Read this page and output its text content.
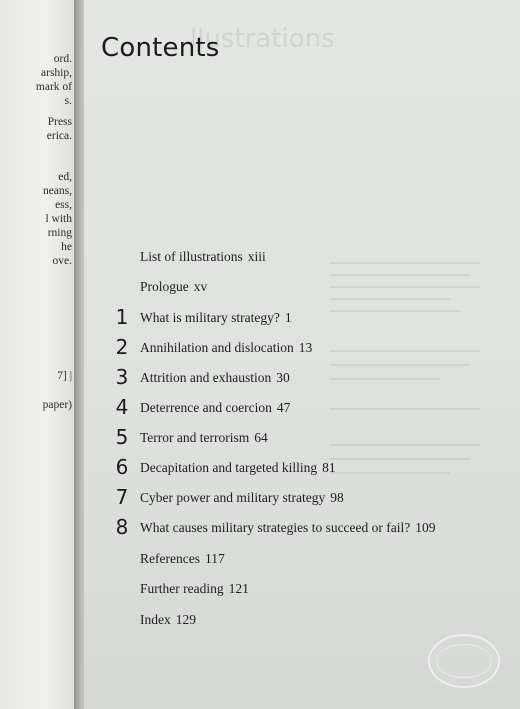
ord.
arship,
mark of
s.
Press
erica.
ed,
neans,
ess,
l with
rning
he
ove.
7] |
paper)
llustrations
Contents
List of illustrations xiii
Prologue xv
1 What is military strategy? 1
2 Annihilation and dislocation 13
3 Attrition and exhaustion 30
4 Deterrence and coercion 47
5 Terror and terrorism 64
6 Decapitation and targeted killing 81
7 Cyber power and military strategy 98
8 What causes military strategies to succeed or fail? 109
References 117
Further reading 121
Index 129
